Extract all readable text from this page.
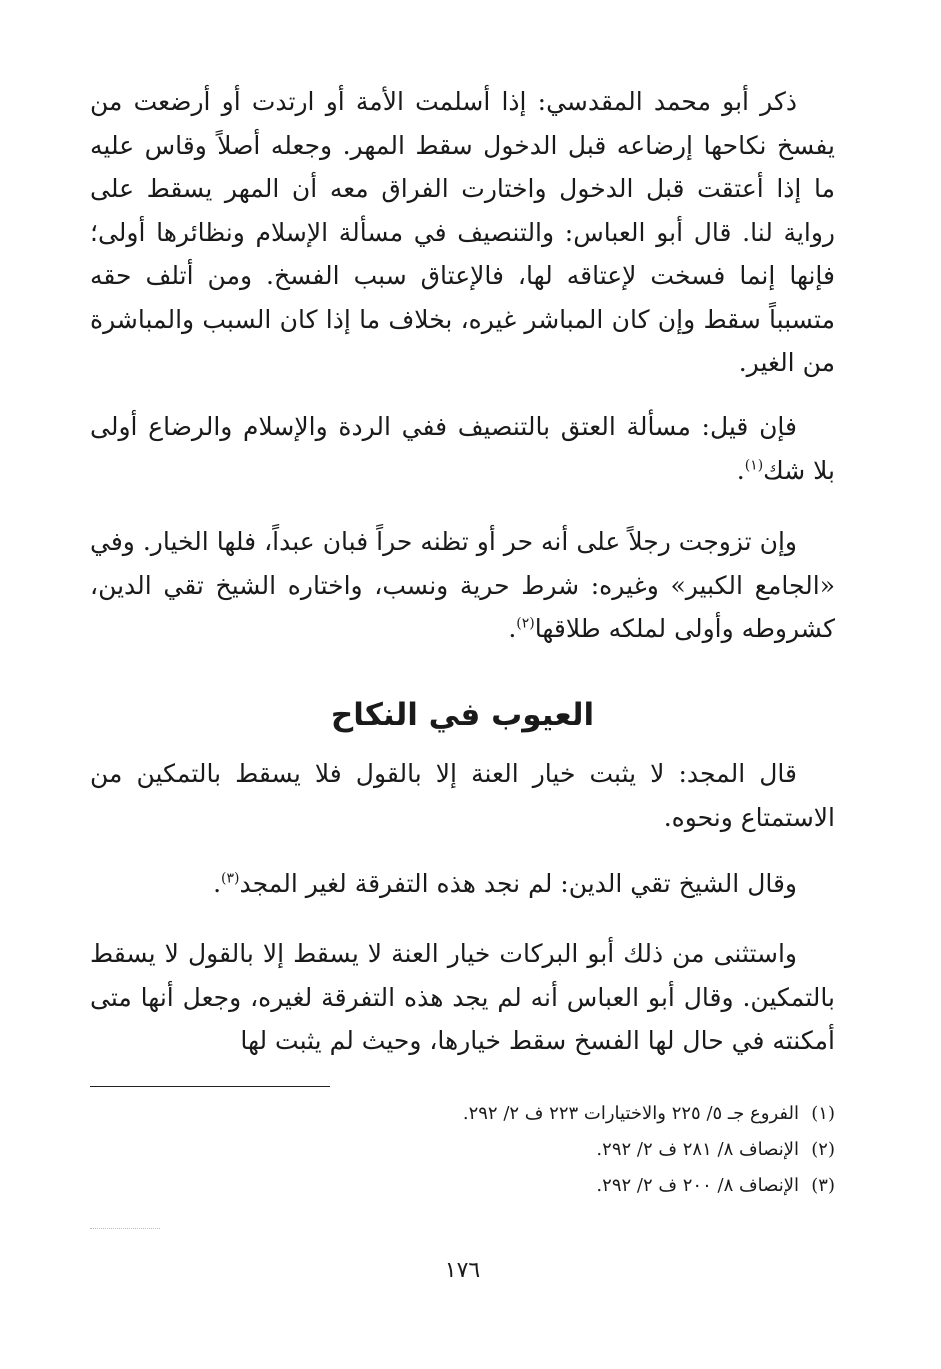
ذكر أبو محمد المقدسي: إذا أسلمت الأمة أو ارتدت أو أرضعت من يفسخ نكاحها إرضاعه قبل الدخول سقط المهر. وجعله أصلاً وقاس عليه ما إذا أعتقت قبل الدخول واختارت الفراق معه أن المهر يسقط على رواية لنا. قال أبو العباس: والتنصيف في مسألة الإسلام ونظائرها أولى؛ فإنها إنما فسخت لإعتاقه لها، فالإعتاق سبب الفسخ. ومن أتلف حقه متسبباً سقط وإن كان المباشر غيره، بخلاف ما إذا كان السبب والمباشرة من الغير.

فإن قيل: مسألة العتق بالتنصيف ففي الردة والإسلام والرضاع أولى بلا شك$^{(١)}$.

وإن تزوجت رجلاً على أنه حر أو تظنه حراً فبان عبداً، فلها الخيار. وفي «الجامع الكبير» وغيره: شرط حرية ونسب، واختاره الشيخ تقي الدين، كشروطه وأولى لملكه طلاقها$^{(٢)}$.

العيوب في النكاح

قال المجد: لا يثبت خيار العنة إلا بالقول فلا يسقط بالتمكين من الاستمتاع ونحوه.

وقال الشيخ تقي الدين: لم نجد هذه التفرقة لغير المجد$^{(٣)}$.

واستثنى من ذلك أبو البركات خيار العنة لا يسقط إلا بالقول لا يسقط بالتمكين. وقال أبو العباس أنه لم يجد هذه التفرقة لغيره، وجعل أنها متى أمكنته في حال لها الفسخ سقط خيارها، وحيث لم يثبت لها

(١)الفروع جـ ٥/ ٢٢٥ والاختيارات ٢٢٣ ف ٢/ ٢٩٢.
(٢)الإنصاف ٨/ ٢٨١ ف ٢/ ٢٩٢.
(٣)الإنصاف ٨/ ٢٠٠ ف ٢/ ٢٩٢.
١٧٦
